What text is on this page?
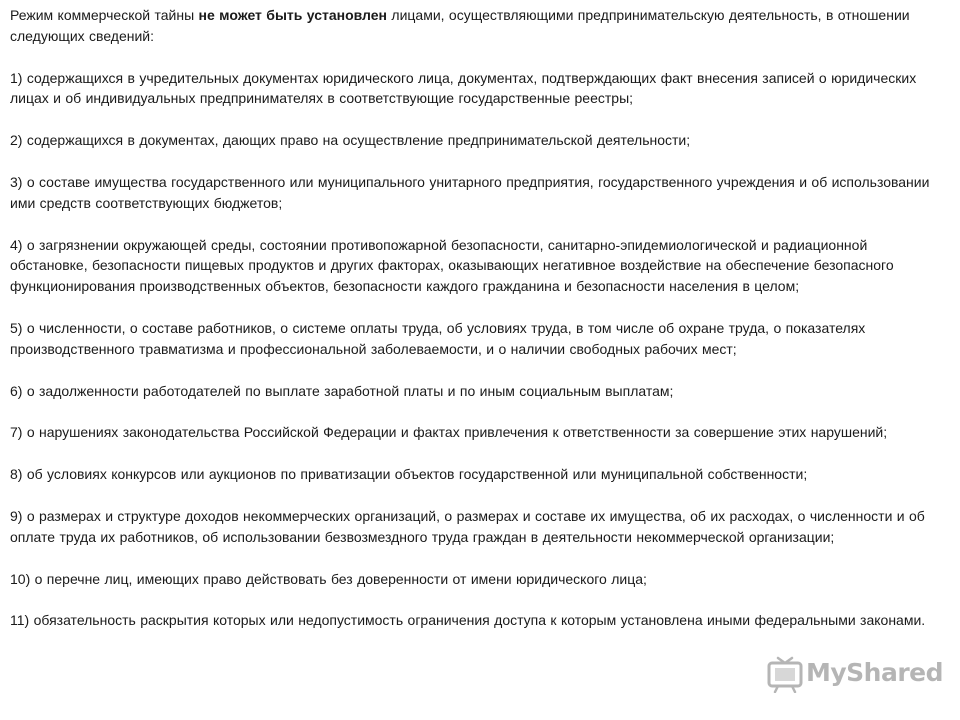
Режим коммерческой тайны не может быть установлен лицами, осуществляющими предпринимательскую деятельность, в отношении следующих сведений:

1) содержащихся в учредительных документах юридического лица, документах, подтверждающих факт внесения записей о юридических лицах и об индивидуальных предпринимателях в соответствующие государственные реестры;

2) содержащихся в документах, дающих право на осуществление предпринимательской деятельности;

3) о составе имущества государственного или муниципального унитарного предприятия, государственного учреждения и об использовании ими средств соответствующих бюджетов;

4) о загрязнении окружающей среды, состоянии противопожарной безопасности, санитарно-эпидемиологической и радиационной обстановке, безопасности пищевых продуктов и других факторах, оказывающих негативное воздействие на обеспечение безопасного функционирования производственных объектов, безопасности каждого гражданина и безопасности населения в целом;

5) о численности, о составе работников, о системе оплаты труда, об условиях труда, в том числе об охране труда, о показателях производственного травматизма и профессиональной заболеваемости, и о наличии свободных рабочих мест;

6) о задолженности работодателей по выплате заработной платы и по иным социальным выплатам;

7) о нарушениях законодательства Российской Федерации и фактах привлечения к ответственности за совершение этих нарушений;

8) об условиях конкурсов или аукционов по приватизации объектов государственной или муниципальной собственности;

9) о размерах и структуре доходов некоммерческих организаций, о размерах и составе их имущества, об их расходах, о численности и об оплате труда их работников, об использовании безвозмездного труда граждан в деятельности некоммерческой организации;

10) о перечне лиц, имеющих право действовать без доверенности от имени юридического лица;

11) обязательность раскрытия которых или недопустимость ограничения доступа к которым установлена иными федеральными законами.

MyShared
